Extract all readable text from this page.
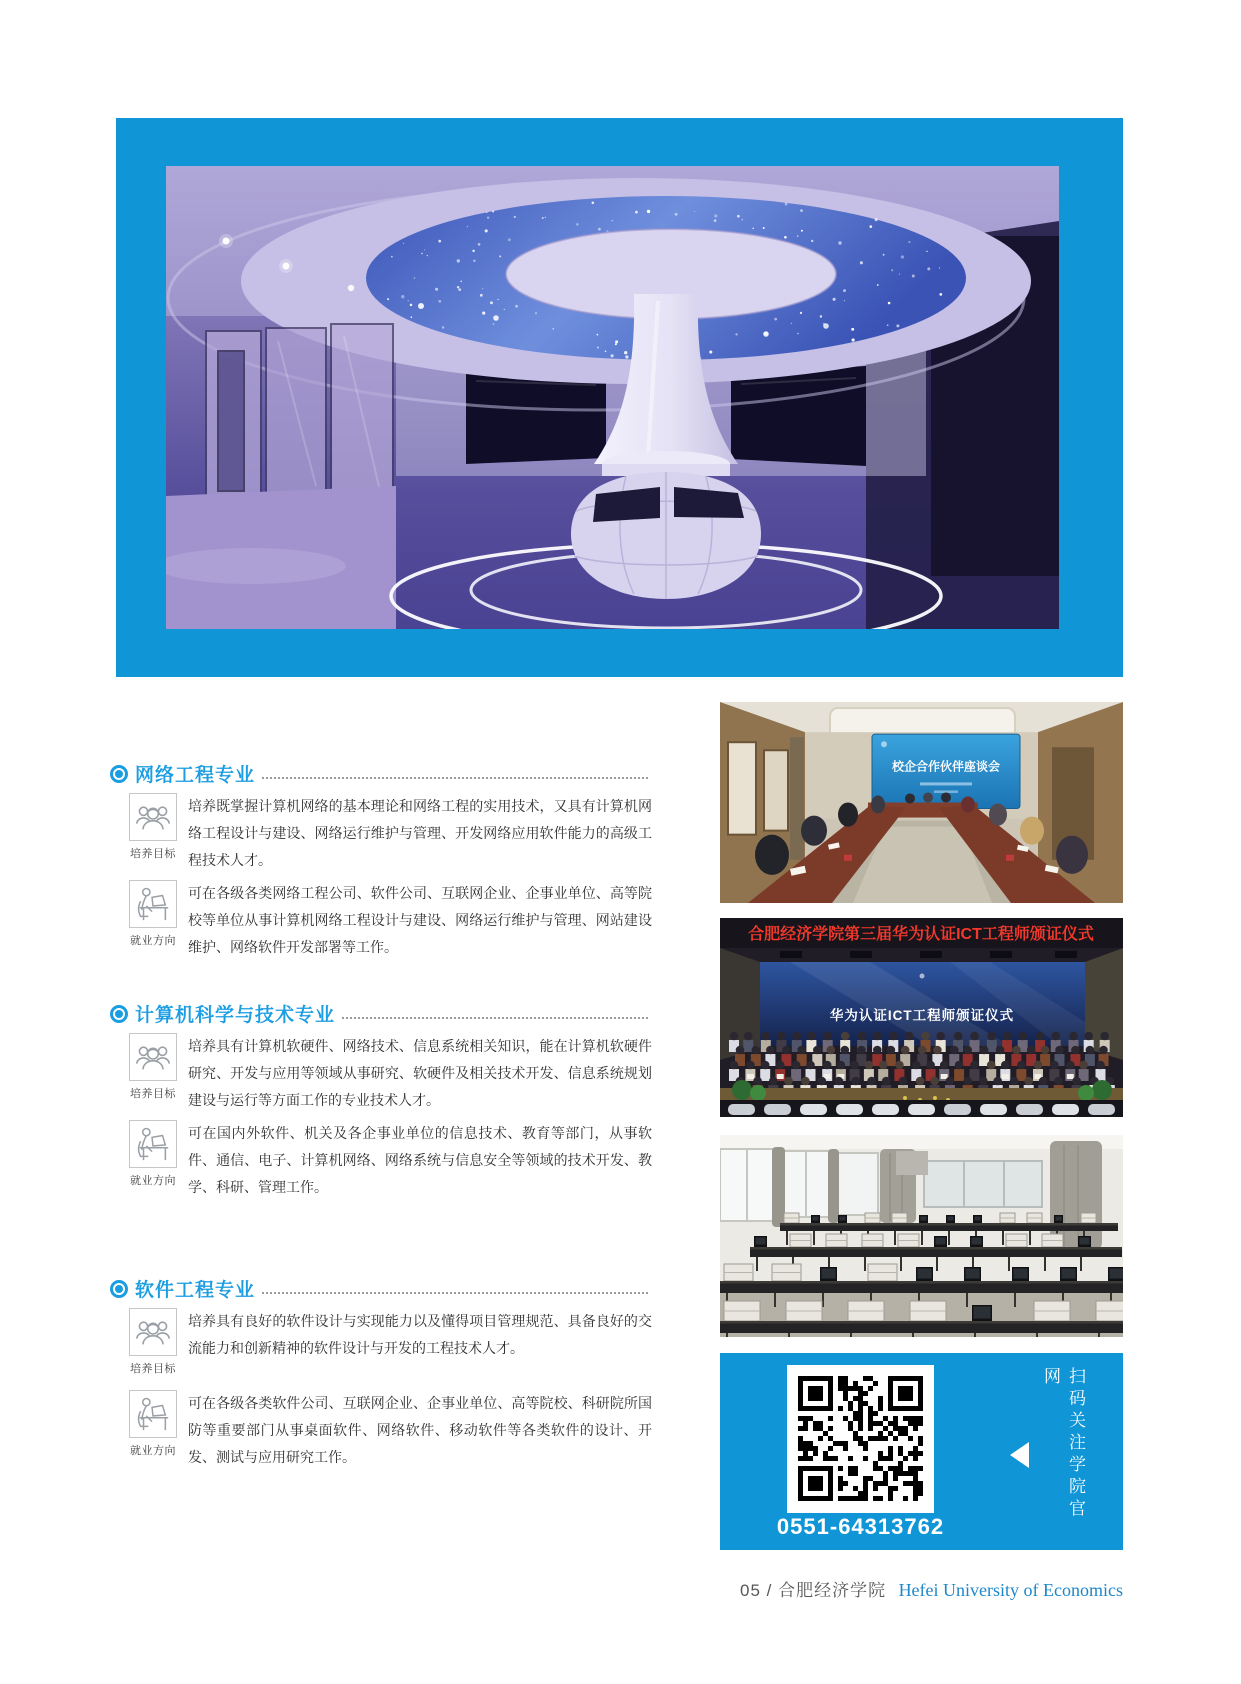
网络工程专业
培养目标
培养既掌握计算机网络的基本理论和网络工程的实用技术，又具有计算机网络工程设计与建设、网络运行维护与管理、开发网络应用软件能力的高级工程技术人才。
就业方向
可在各级各类网络工程公司、软件公司、互联网企业、企事业单位、高等院校等单位从事计算机网络工程设计与建设、网络运行维护与管理、网站建设维护、网络软件开发部署等工作。
计算机科学与技术专业
培养目标
培养具有计算机软硬件、网络技术、信息系统相关知识，能在计算机软硬件研究、开发与应用等领域从事研究、软硬件及相关技术开发、信息系统规划建设与运行等方面工作的专业技术人才。
就业方向
可在国内外软件、机关及各企事业单位的信息技术、教育等部门，从事软件、通信、电子、计算机网络、网络系统与信息安全等领域的技术开发、教学、科研、管理工作。
软件工程专业
培养目标
培养具有良好的软件设计与实现能力以及懂得项目管理规范、具备良好的交流能力和创新精神的软件设计与开发的工程技术人才。
就业方向
可在各级各类软件公司、互联网企业、企事业单位、高等院校、科研院所国防等重要部门从事桌面软件、网络软件、移动软件等各类软件的设计、开发、测试与应用研究工作。
校企合作伙伴座谈会
合肥经济学院第三届华为认证ICT工程师颁证仪式
华为认证ICT工程师颁证仪式
0551-64313762
扫码关注学院官网
05 / 合肥经济学院 Hefei University of Economics
